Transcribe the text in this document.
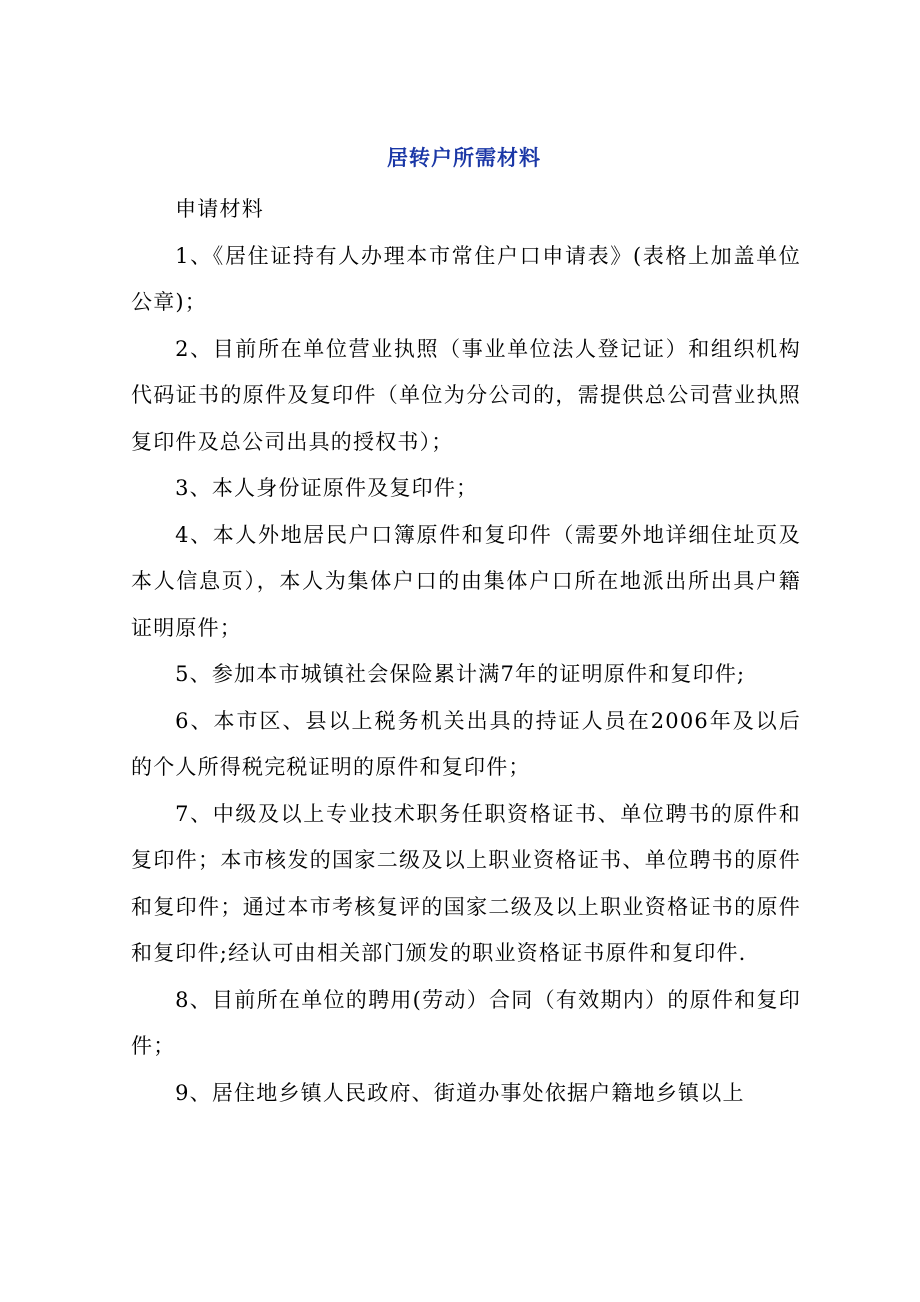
居转户所需材料

申请材料

1、《居住证持有人办理本市常住户口申请表》(表格上加盖单位公章)；

2、目前所在单位营业执照（事业单位法人登记证）和组织机构代码证书的原件及复印件（单位为分公司的，需提供总公司营业执照复印件及总公司出具的授权书）；

3、本人身份证原件及复印件；

4、本人外地居民户口簿原件和复印件（需要外地详细住址页及本人信息页），本人为集体户口的由集体户口所在地派出所出具户籍证明原件；

5、参加本市城镇社会保险累计满7年的证明原件和复印件;

6、本市区、县以上税务机关出具的持证人员在2006年及以后的个人所得税完税证明的原件和复印件；

7、中级及以上专业技术职务任职资格证书、单位聘书的原件和复印件；本市核发的国家二级及以上职业资格证书、单位聘书的原件和复印件；通过本市考核复评的国家二级及以上职业资格证书的原件和复印件;经认可由相关部门颁发的职业资格证书原件和复印件.

8、目前所在单位的聘用(劳动）合同（有效期内）的原件和复印件；

9、居住地乡镇人民政府、街道办事处依据户籍地乡镇以上
